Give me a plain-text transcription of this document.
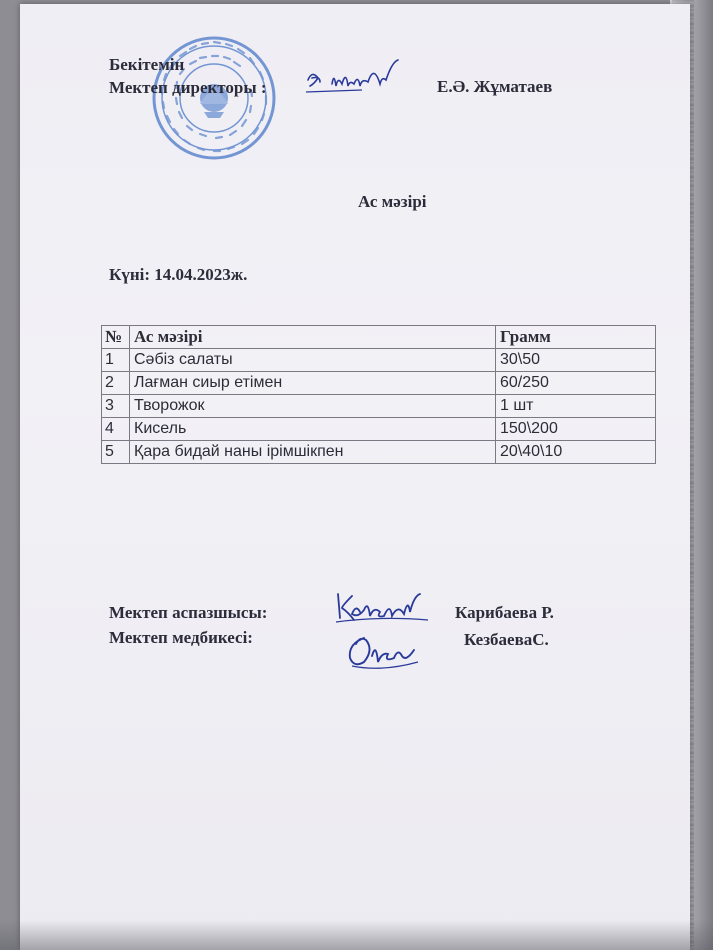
Бекітемін
Мектеп директоры :	Е.Ә. Жұматаев
Ас мәзірі
Күні: 14.04.2023ж.
№	Ас мәзірі	Грамм
1	Сәбіз салаты	30\50
2	Лағман сиыр етімен	60/250
3	Творожок	1 шт
4	Кисель	150\200
5	Қара бидай наны ірімшікпен	20\40\10
Мектеп аспазшысы:	Карибаева Р.
Мектеп медбикесі:	КезбаеваС.
